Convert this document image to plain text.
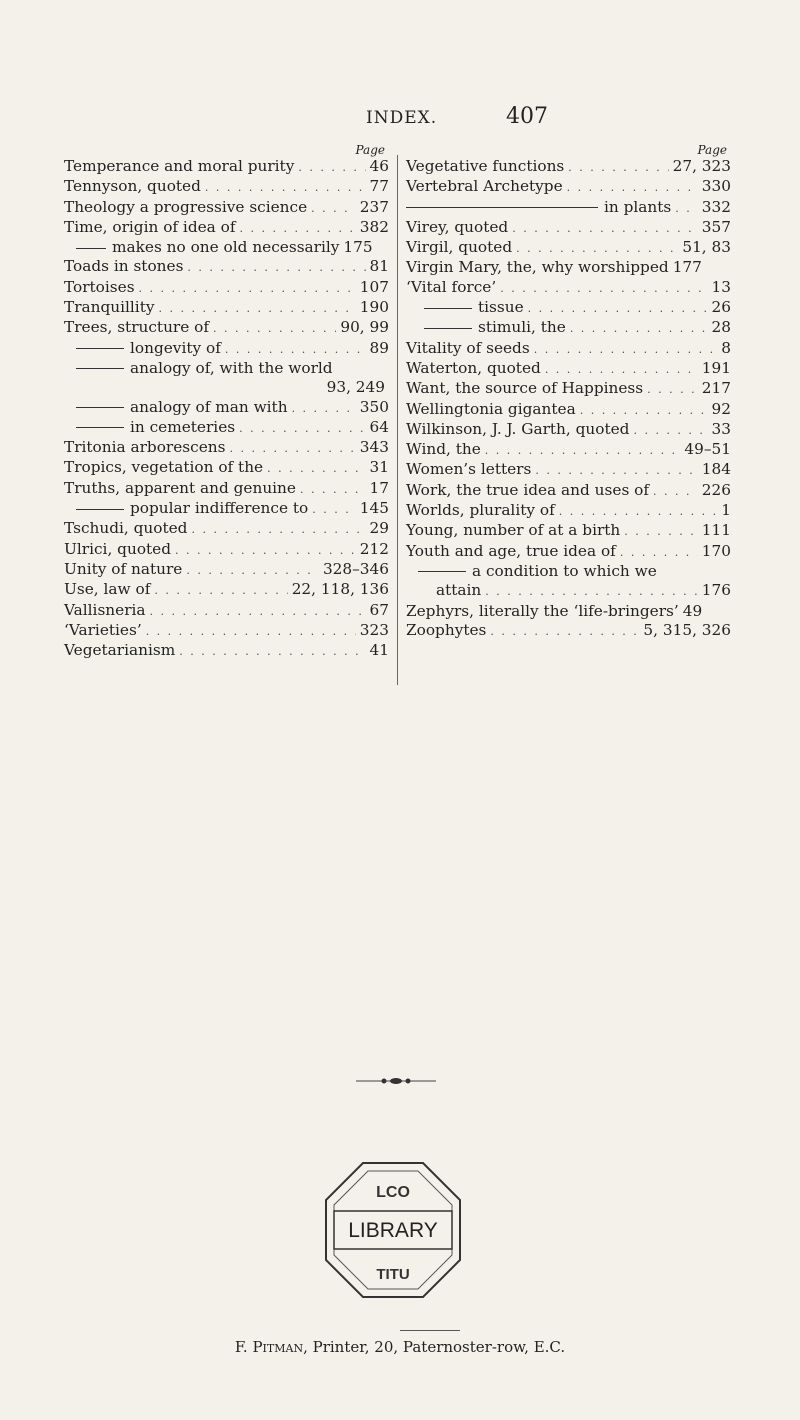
INDEX.	407
Page
Temperance and moral purity . . .	46
Tennyson, quoted . . .	77
Theology a progressive science . . .	237
Time, origin of idea of . . .	382
makes no one old necessarily 175
Toads in stones . . .	81
Tortoises . . .	107
Tranquillity . . .	190
Trees, structure of . . .	90, 99
longevity of . . .	89
analogy of, with the world
93, 249
analogy of man with . . .	350
in cemeteries . . .	64
Tritonia arborescens . . .	343
Tropics, vegetation of the . . .	31
Truths, apparent and genuine . . .	17
popular indifference to . . .	145
Tschudi, quoted . . .	29
Ulrici, quoted . . .	212
Unity of nature . . .	328–346
Use, law of . . .	22, 118, 136
Vallisneria . . .	67
‘Varieties’ . . .	323
Vegetarianism . . .	41
Page
Vegetative functions . . .	27, 323
Vertebral Archetype . . .	330
in plants . . . 332
Virey, quoted . . .	357
Virgil, quoted . . .	51, 83
Virgin Mary, the, why worshipped 177
‘Vital force’ . . .	13
tissue . . .	26
stimuli, the . . .	28
Vitality of seeds . . .	8
Waterton, quoted . . .	191
Want, the source of Happiness . . .	217
Wellingtonia gigantea . . .	92
Wilkinson, J. J. Garth, quoted . . .	33
Wind, the . . .	49–51
Women’s letters . . .	184
Work, the true idea and uses of . . .	226
Worlds, plurality of . . .	1
Young, number of at a birth . . .	111
Youth and age, true idea of . . .	170
a condition to which we
attain . . .	176
Zephyrs, literally the ‘life-bringers’ 49
Zoophytes . . .	5, 315, 326
LIBRARY
LCO
TITU
F. Pitman, Printer, 20, Paternoster-row, E.C.
